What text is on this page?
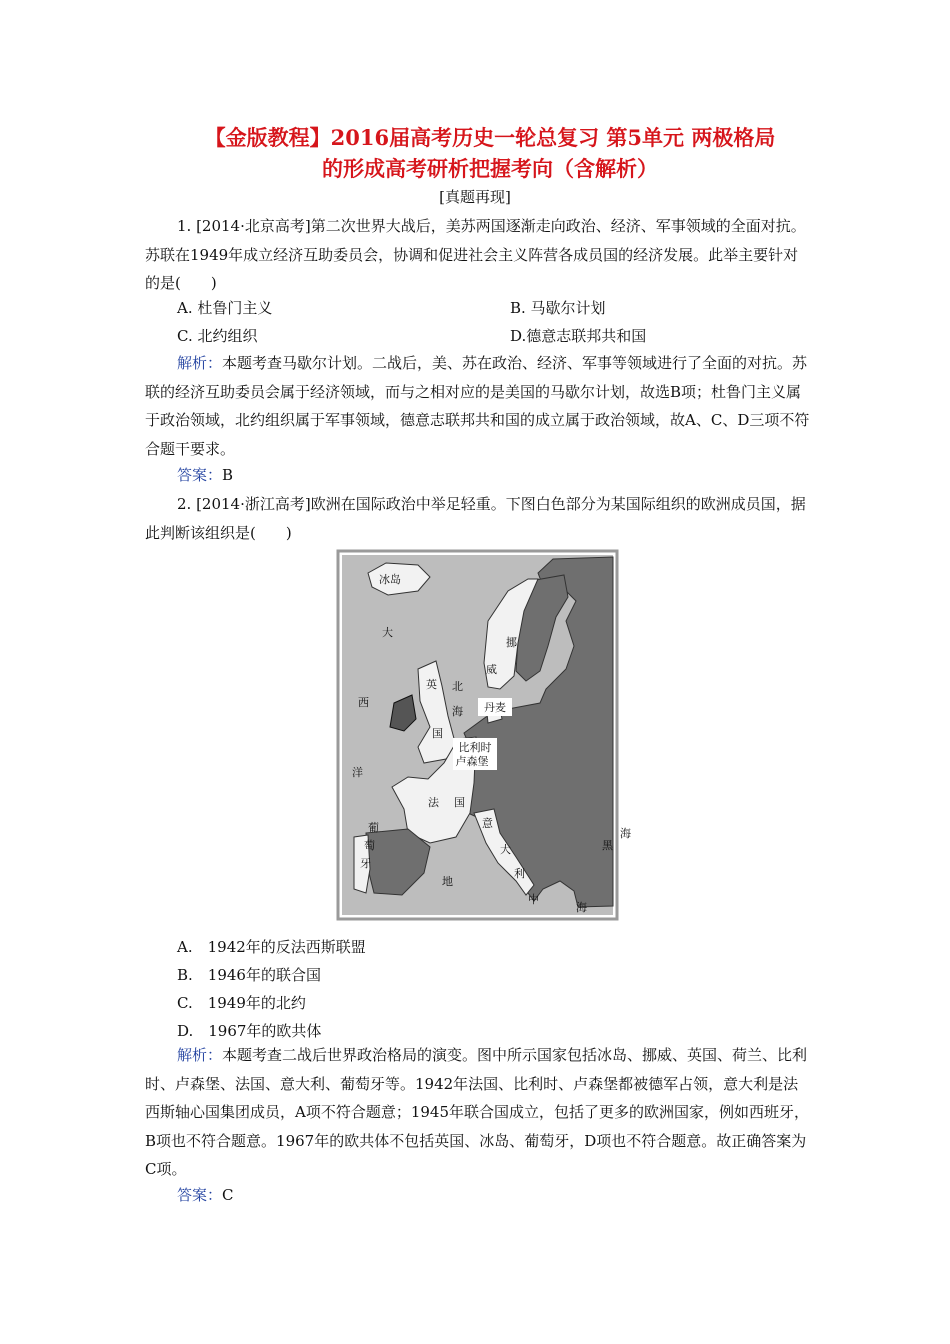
【金版教程】2016届高考历史一轮总复习 第5单元 两极格局
的形成高考研析把握考向（含解析）
[真题再现]
1. [2014·北京高考]第二次世界大战后，美苏两国逐渐走向政治、经济、军事领域的全面对抗。苏联在1949年成立经济互助委员会，协调和促进社会主义阵营各成员国的经济发展。此举主要针对的是(　　)
A. 杜鲁门主义	B. 马歇尔计划
C. 北约组织	D.德意志联邦共和国
解析：本题考查马歇尔计划。二战后，美、苏在政治、经济、军事等领域进行了全面的对抗。苏联的经济互助委员会属于经济领域，而与之相对应的是美国的马歇尔计划，故选B项；杜鲁门主义属于政治领域，北约组织属于军事领域，德意志联邦共和国的成立属于政治领域，故A、C、D三项不符合题干要求。
答案：B
2. [2014·浙江高考]欧洲在国际政治中举足轻重。下图白色部分为某国际组织的欧洲成员国，据此判断该组织是(　　)
冰岛
大
西
洋
挪
威
英
国
北
海 丹麦
比利时
卢森堡
法 国
葡
萄
牙
意
大
利
地
中
海
海
黑
A.　1942年的反法西斯联盟
B.　1946年的联合国
C.　1949年的北约
D.　1967年的欧共体
解析：本题考查二战后世界政治格局的演变。图中所示国家包括冰岛、挪威、英国、荷兰、比利时、卢森堡、法国、意大利、葡萄牙等。1942年法国、比利时、卢森堡都被德军占领，意大利是法西斯轴心国集团成员，A项不符合题意；1945年联合国成立，包括了更多的欧洲国家，例如西班牙，B项也不符合题意。1967年的欧共体不包括英国、冰岛、葡萄牙，D项也不符合题意。故正确答案为C项。
答案：C
